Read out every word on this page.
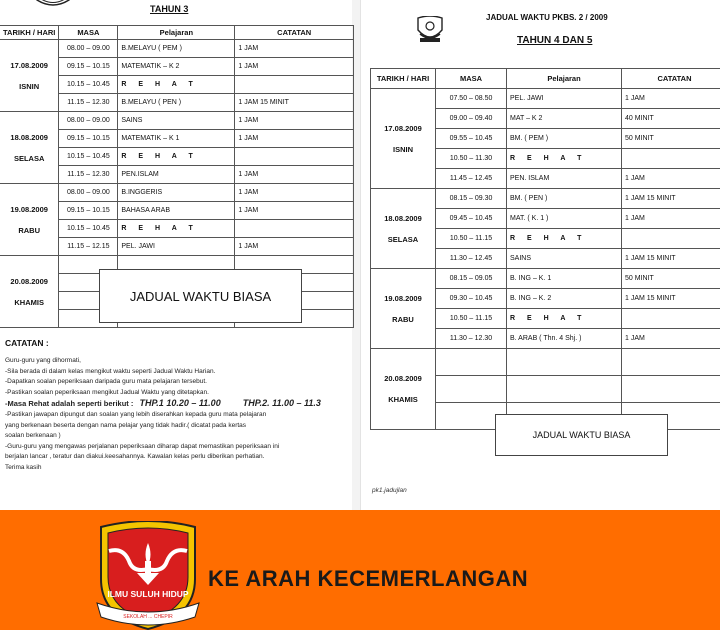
TAHUN 3
TARIKH / HARI	MASA	Pelajaran	CATATAN

17.08.2009
ISNIN	08.00 – 09.00	B.MELAYU ( PEM )	1 JAM
	09.15 – 10.15	MATEMATIK – K 2	1 JAM
	10.15 – 10.45	R E H A T	
	11.15 – 12.30	B.MELAYU ( PEN )	1 JAM 15 MINIT

18.08.2009
SELASA	08.00 – 09.00	SAINS	1 JAM
	09.15 – 10.15	MATEMATIK – K 1	1 JAM
	10.15 – 10.45	R E H A T	
	11.15 – 12.30	PEN.ISLAM	1 JAM

19.08.2009
RABU	08.00 – 09.00	B.INGGERIS	1 JAM
	09.15 – 10.15	BAHASA ARAB	1 JAM
	10.15 – 10.45	R E H A T	
	11.15 – 12.15	PEL. JAWI	1 JAM

20.08.2009
KHAMIS			

			JADUAL WAKTU BIASA
CATATAN :
Guru-guru yang dihormati,
-Sila berada di dalam kelas mengikut waktu seperti Jadual Waktu Harian.
-Dapatkan soalan peperiksaan daripada guru mata pelajaran tersebut.
-Pastikan soalan peperiksaan mengikut Jadual Waktu yang ditetapkan.
-Masa Rehat adalah seperti berikut : THP.1 10.20 – 11.00 THP.2. 11.00 – 11.3
-Pastikan jawapan dipungut dan soalan yang lebih diserahkan kepada guru mata pelajaran
yang berkenaan beserta dengan nama pelajar yang tidak hadir.( dicatat pada kertas
soalan berkenaan )
-Guru-guru yang mengawas perjalanan peperiksaan diharap dapat memastikan peperiksaan ini
berjalan lancar , teratur dan diakui.keesahannya. Kawalan kelas perlu diberikan perhatian.
Terima kasih
JADUAL WAKTU PKBS. 2 / 2009
TAHUN 4 DAN 5
TARIKH / HARI	MASA	Pelajaran	CATATAN

17.08.2009
ISNIN	07.50 – 08.50	PEL. JAWI	1 JAM
	09.00 – 09.40	MAT – K 2	40 MINIT
	09.55 – 10.45	BM. ( PEM )	50 MINIT
	10.50 – 11.30	R E H A T	
	11.45 – 12.45	PEN. ISLAM	1 JAM

18.08.2009
SELASA	08.15 – 09.30	BM. ( PEN )	1 JAM 15 MINIT
	09.45 – 10.45	MAT. ( K. 1 )	1 JAM
	10.50 – 11.15	R E H A T	
	11.30 – 12.45	SAINS	1 JAM 15 MINIT

19.08.2009
RABU	08.15 – 09.05	B. ING – K. 1	50 MINIT
	09.30 – 10.45	B. ING – K. 2	1 JAM 15 MINIT
	10.50 – 11.15	R E H A T	
	11.30 – 12.30	B. ARAB ( Thn. 4 Shj. )	1 JAM

20.08.2009
KHAMIS			

JADUAL WAKTU BIASA
pk1.jadujlan
ILMU SULUH HIDUP
SEKOLAH ... CHEPIR
KE ARAH KECEMERLANGAN
